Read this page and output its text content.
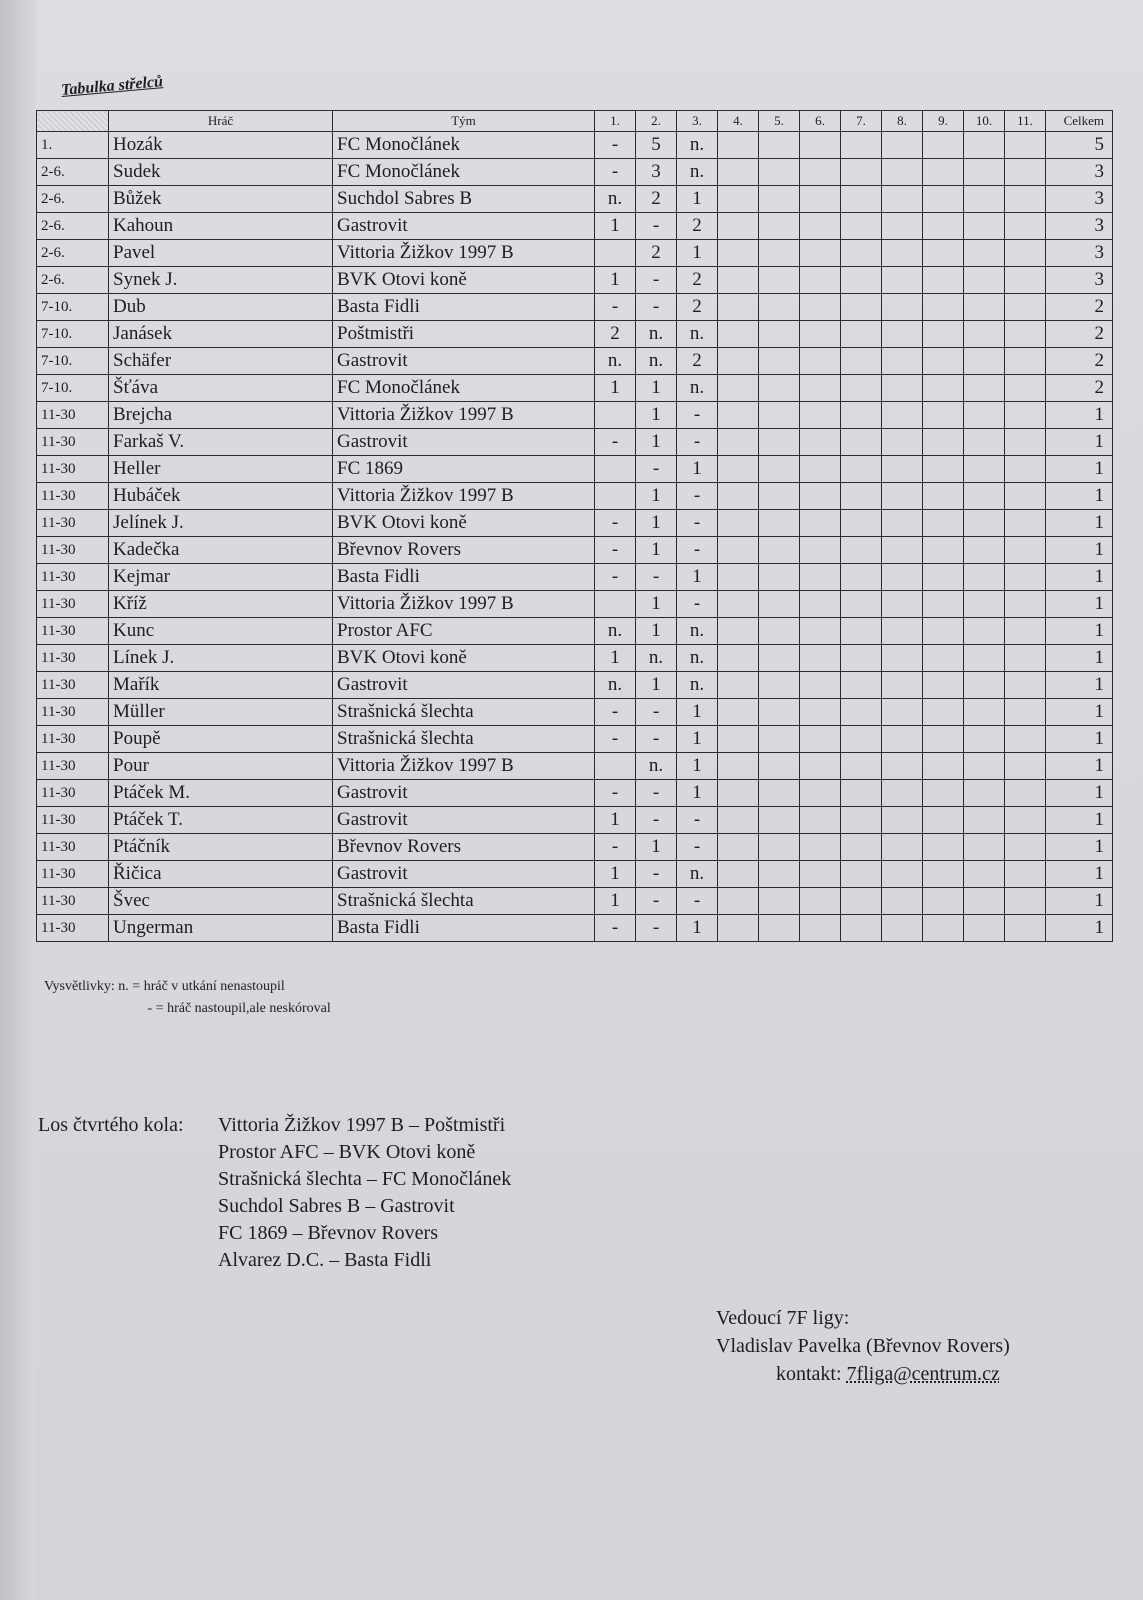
Tabulka střelců
	Hráč	Tým	1.	2.	3.	4.	5.	6.	7.	8.	9.	10.	11.	Celkem
1.	Hozák	FC Monočlánek	-	5	n.									5
2-6.	Sudek	FC Monočlánek	-	3	n.									3
2-6.	Bůžek	Suchdol Sabres B	n.	2	1									3
2-6.	Kahoun	Gastrovit	1	-	2									3
2-6.	Pavel	Vittoria Žižkov 1997 B		2	1									3
2-6.	Synek J.	BVK Otovi koně	1	-	2									3
7-10.	Dub	Basta Fidli	-	-	2									2
7-10.	Janásek	Poštmistři	2	n.	n.									2
7-10.	Schäfer	Gastrovit	n.	n.	2									2
7-10.	Šťáva	FC Monočlánek	1	1	n.									2
11-30	Brejcha	Vittoria Žižkov 1997 B		1	-									1
11-30	Farkaš V.	Gastrovit	-	1	-									1
11-30	Heller	FC 1869		-	1									1
11-30	Hubáček	Vittoria Žižkov 1997 B		1	-									1
11-30	Jelínek J.	BVK Otovi koně	-	1	-									1
11-30	Kadečka	Břevnov Rovers	-	1	-									1
11-30	Kejmar	Basta Fidli	-	-	1									1
11-30	Kříž	Vittoria Žižkov 1997 B		1	-									1
11-30	Kunc	Prostor AFC	n.	1	n.									1
11-30	Línek J.	BVK Otovi koně	1	n.	n.									1
11-30	Mařík	Gastrovit	n.	1	n.									1
11-30	Müller	Strašnická šlechta	-	-	1									1
11-30	Poupě	Strašnická šlechta	-	-	1									1
11-30	Pour	Vittoria Žižkov 1997 B		n.	1									1
11-30	Ptáček M.	Gastrovit	-	-	1									1
11-30	Ptáček T.	Gastrovit	1	-	-									1
11-30	Ptáčník	Břevnov Rovers	-	1	-									1
11-30	Řičica	Gastrovit	1	-	n.									1
11-30	Švec	Strašnická šlechta	1	-	-									1
11-30	Ungerman	Basta Fidli	-	-	1									1
Vysvětlivky: n. = hráč v utkání nenastoupil
- = hráč nastoupil,ale neskóroval
Los čtvrtého kola: Vittoria Žižkov 1997 B – Poštmistři
Prostor AFC – BVK Otovi koně
Strašnická šlechta – FC Monočlánek
Suchdol Sabres B – Gastrovit
FC 1869 – Břevnov Rovers
Alvarez D.C. – Basta Fidli
Vedoucí 7F ligy:
Vladislav Pavelka (Břevnov Rovers)
kontakt: 7fliga@centrum.cz
